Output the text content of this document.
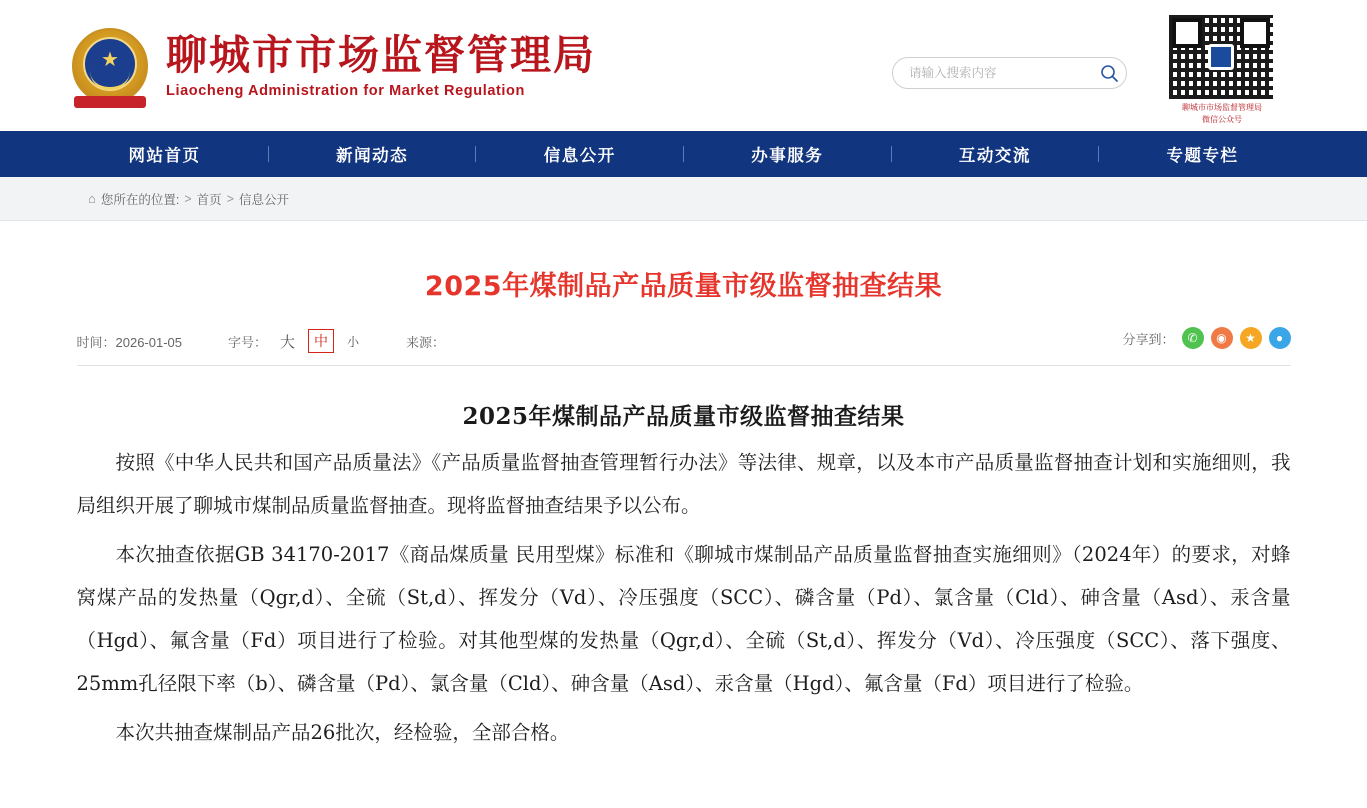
★ 聊城市市场监督管理局
Liaocheng Administration for Market Regulation
请输入搜索内容
聊城市市场监督管理局
微信公众号
网站首页	新闻动态	信息公开	办事服务	互动交流	专题专栏
⌂ 您所在的位置: > 首页 > 信息公开
2025年煤制品产品质量市级监督抽查结果
时间：2026-01-05	字号： 大	中	小	来源：	分享到：	✆	◉	★	●
2025年煤制品产品质量市级监督抽查结果

按照《中华人民共和国产品质量法》《产品质量监督抽查管理暂行办法》等法律、规章，以及本市产品质量监督抽查计划和实施细则，我局组织开展了聊城市煤制品质量监督抽查。现将监督抽查结果予以公布。

本次抽查依据GB 34170-2017《商品煤质量 民用型煤》标准和《聊城市煤制品产品质量监督抽查实施细则》（2024年）的要求，对蜂窝煤产品的发热量（Qgr,d）、全硫（St,d）、挥发分（Vd）、冷压强度（SCC）、磷含量（Pd）、氯含量（Cld）、砷含量（Asd）、汞含量（Hgd）、氟含量（Fd）项目进行了检验。对其他型煤的发热量（Qgr,d）、全硫（St,d）、挥发分（Vd）、冷压强度（SCC）、落下强度、25mm孔径限下率（b）、磷含量（Pd）、氯含量（Cld）、砷含量（Asd）、汞含量（Hgd）、氟含量（Fd）项目进行了检验。

本次共抽查煤制品产品26批次，经检验，全部合格。
